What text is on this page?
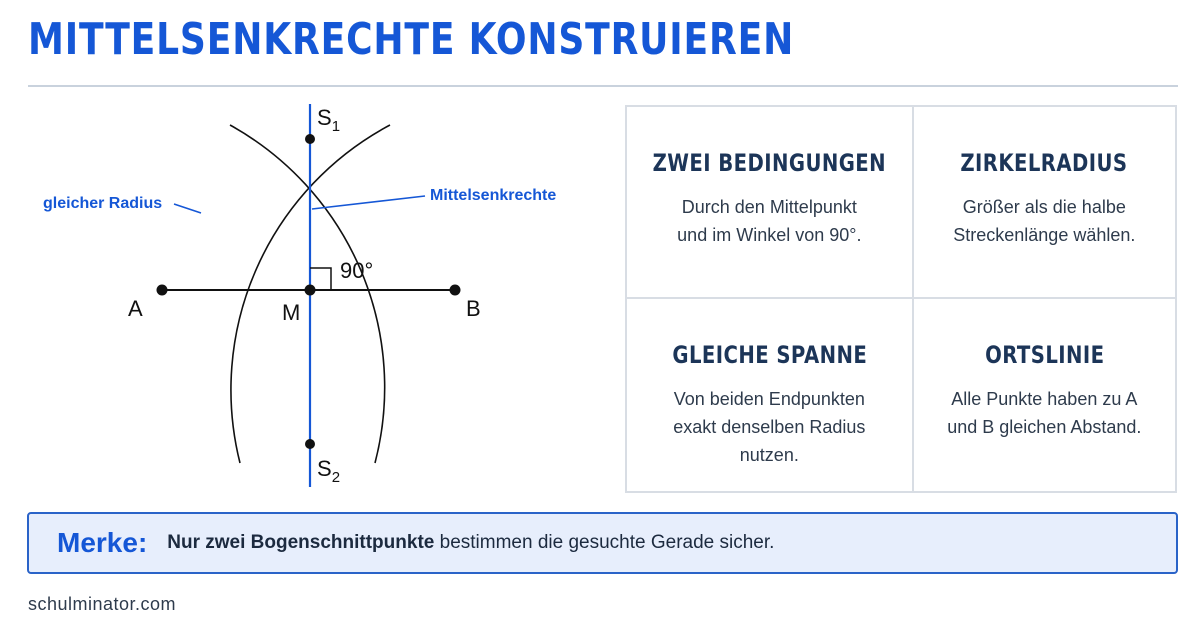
MITTELSENKRECHTE KONSTRUIEREN
A	B
M
$S_1$
$S_2$
90°
gleicher Radius	Mittelsenkrechte
ZWEI BEDINGUNGEN
Durch den Mittelpunkt
und im Winkel von 90°.
ZIRKELRADIUS
Größer als die halbe
Streckenlänge wählen.
GLEICHE SPANNE
Von beiden Endpunkten
exakt denselben Radius nutzen.
ORTSLINIE
Alle Punkte haben zu A
und B gleichen Abstand.
Merke: Nur zwei Bogenschnittpunkte bestimmen die gesuchte Gerade sicher.
schulminator.com
